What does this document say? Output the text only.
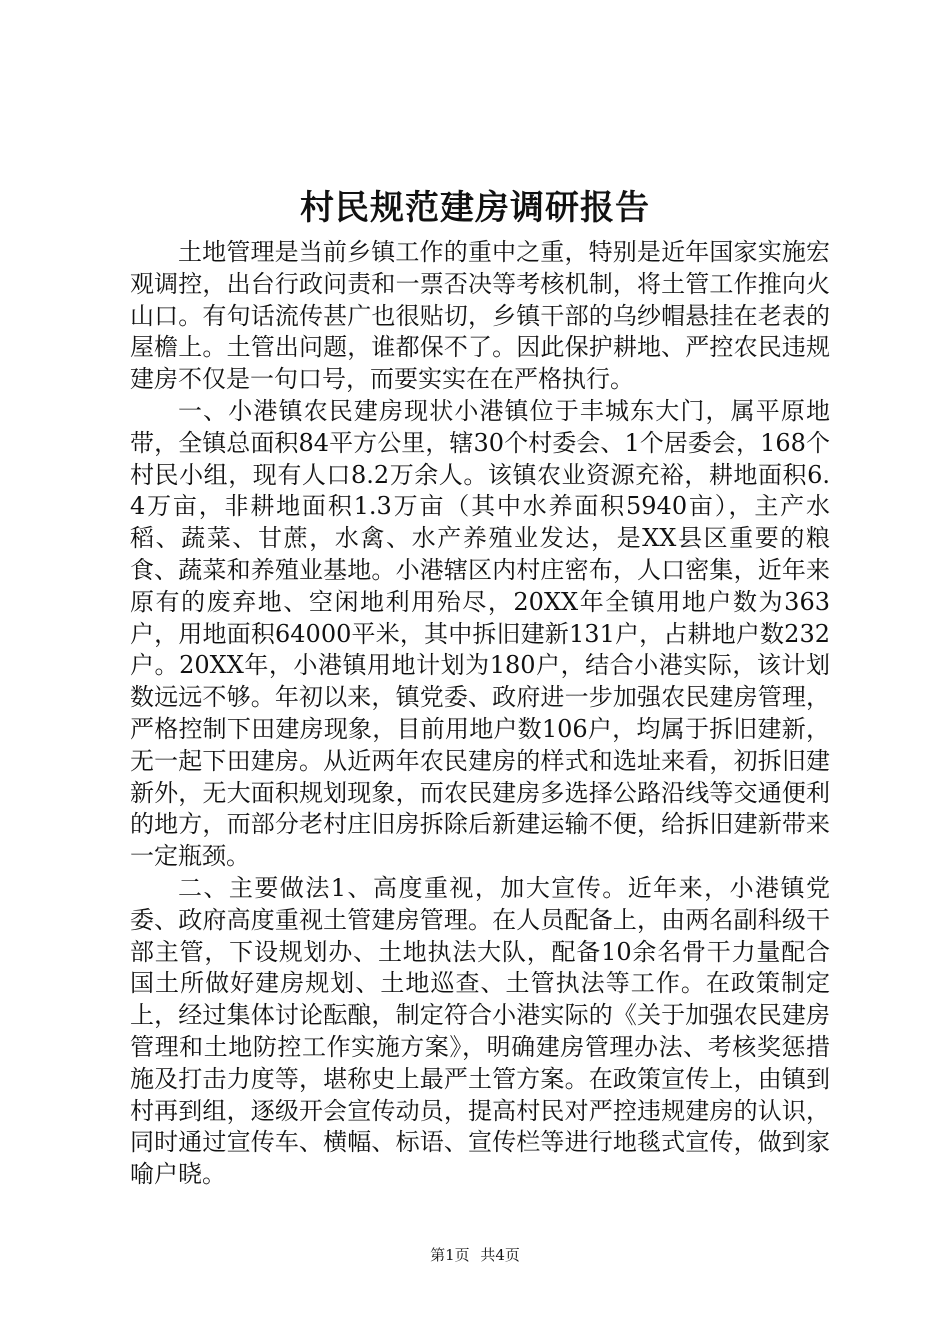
村民规范建房调研报告

土地管理是当前乡镇工作的重中之重，特别是近年国家实施宏观调控，出台行政问责和一票否决等考核机制，将土管工作推向火山口。有句话流传甚广也很贴切，乡镇干部的乌纱帽悬挂在老表的屋檐上。土管出问题，谁都保不了。因此保护耕地、严控农民违规建房不仅是一句口号，而要实实在在严格执行。

一、小港镇农民建房现状小港镇位于丰城东大门，属平原地带，全镇总面积84平方公里，辖30个村委会、1个居委会，168个村民小组，现有人口8.2万余人。该镇农业资源充裕，耕地面积6.4万亩，非耕地面积1.3万亩（其中水养面积5940亩），主产水稻、蔬菜、甘蔗，水禽、水产养殖业发达，是XX县区重要的粮食、蔬菜和养殖业基地。小港辖区内村庄密布，人口密集，近年来原有的废弃地、空闲地利用殆尽，20XX年全镇用地户数为363户，用地面积64000平米，其中拆旧建新131户，占耕地户数232户。20XX年，小港镇用地计划为180户，结合小港实际，该计划数远远不够。年初以来，镇党委、政府进一步加强农民建房管理，严格控制下田建房现象，目前用地户数106户，均属于拆旧建新，无一起下田建房。从近两年农民建房的样式和选址来看，初拆旧建新外，无大面积规划现象，而农民建房多选择公路沿线等交通便利的地方，而部分老村庄旧房拆除后新建运输不便，给拆旧建新带来一定瓶颈。

二、主要做法1、高度重视，加大宣传。近年来，小港镇党委、政府高度重视土管建房管理。在人员配备上，由两名副科级干部主管，下设规划办、土地执法大队，配备10余名骨干力量配合国土所做好建房规划、土地巡查、土管执法等工作。在政策制定上，经过集体讨论酝酿，制定符合小港实际的《关于加强农民建房管理和土地防控工作实施方案》，明确建房管理办法、考核奖惩措施及打击力度等，堪称史上最严土管方案。在政策宣传上，由镇到村再到组，逐级开会宣传动员，提高村民对严控违规建房的认识，同时通过宣传车、横幅、标语、宣传栏等进行地毯式宣传，做到家喻户晓。

第1页 共4页
